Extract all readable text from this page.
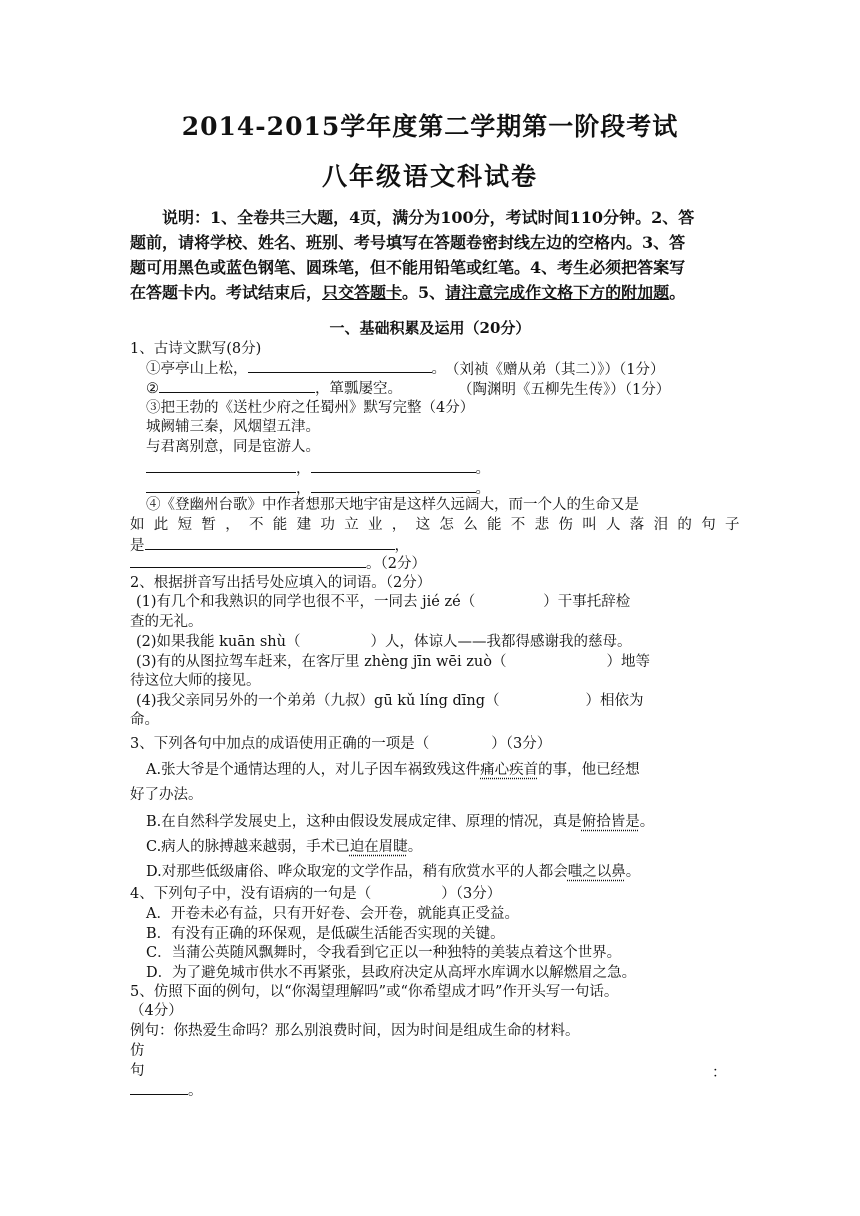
2014-2015学年度第二学期第一阶段考试
八年级语文科试卷
说明：1、全卷共三大题，4页，满分为100分，考试时间110分钟。2、答
题前，请将学校、姓名、班别、考号填写在答题卷密封线左边的空格内。3、答
题可用黑色或蓝色钢笔、圆珠笔，但不能用铅笔或红笔。4、考生必须把答案写
在答题卡内。考试结束后，只交答题卡。5、请注意完成作文格下方的附加题。
一、基础积累及运用（20分）
1、古诗文默写(8分)
①亭亭山上松，	。 （刘祯《赠从弟（其二）》）（1分）
②	，箪瓢屡空。	（陶渊明《五柳先生传》）（1分）
③把王勃的《送杜少府之任蜀州》默写完整（4分）
城阙辅三秦，风烟望五津。
与君离别意，同是宦游人。
，	。
，	。
④《登幽州台歌》中作者想那天地宇宙是这样久远阔大，而一个人的生命又是
如此短暂，不能建功立业，这怎么能不悲伤叫人落泪的句子
是	，
。（2分）
2、根据拼音写出括号处应填入的词语。（2分）
(1)有几个和我熟识的同学也很不平，一同去 jié zé（	）干事托辞检
查的无礼。
(2)如果我能 kuān shù（	）人，体谅人——我都得感谢我的慈母。
(3)有的从图拉驾车赶来，在客厅里 zhèng jīn wēi zuò（	）地等
待这位大师的接见。
(4)我父亲同另外的一个弟弟（九叔）gū kǔ líng dīng（	）相依为
命。
3、下列各句中加点的成语使用正确的一项是（	）（3分）
A.张大爷是个通情达理的人，对儿子因车祸致残这件痛心疾首的事，他已经想
好了办法。
B.在自然科学发展史上，这种由假设发展成定律、原理的情况，真是俯拾皆是。
C.病人的脉搏越来越弱，手术已迫在眉睫。
D.对那些低级庸俗、哗众取宠的文学作品，稍有欣赏水平的人都会嗤之以鼻。
4、下列句子中，没有语病的一句是（	）（3分）
A．开卷未必有益，只有开好卷、会开卷，就能真正受益。
B．有没有正确的环保观，是低碳生活能否实现的关键。
C．当蒲公英随风飘舞时，令我看到它正以一种独特的美装点着这个世界。
D．为了避免城市供水不再紧张，县政府决定从高坪水库调水以解燃眉之急。
5、仿照下面的例句，以“你渴望理解吗”或“你希望成才吗”作开头写一句话。
（4分）
例句：你热爱生命吗？那么别浪费时间，因为时间是组成生命的材料。
仿
句	：
。
